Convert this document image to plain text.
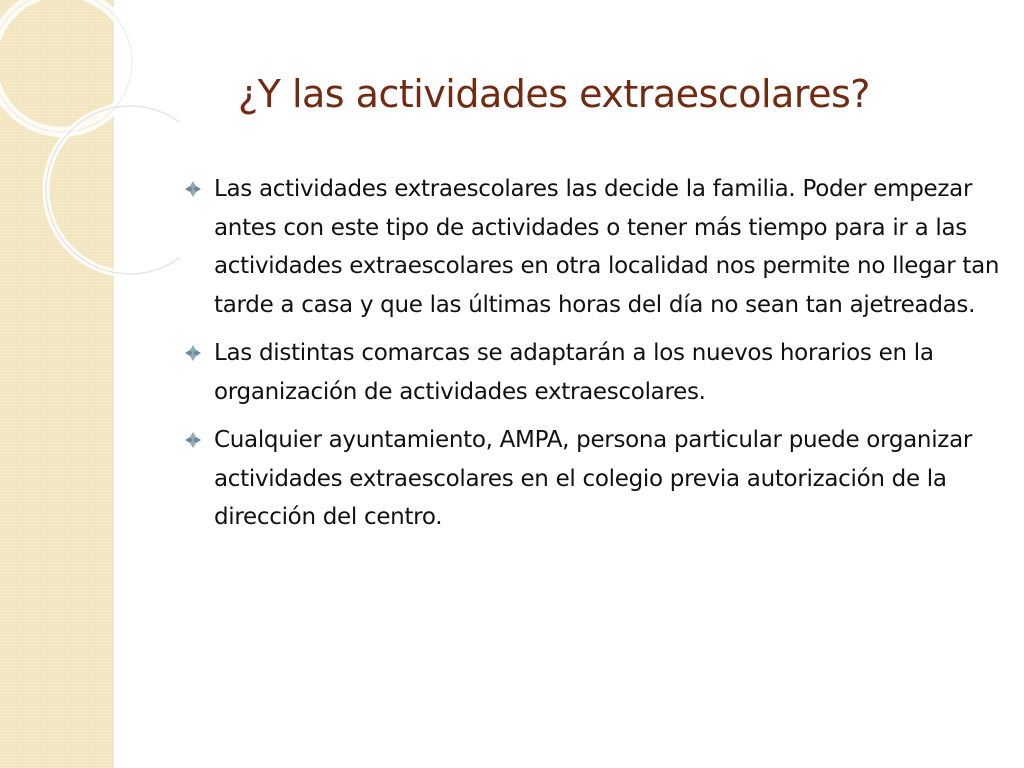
¿Y las actividades extraescolares?
Las actividades extraescolares las decide la familia. Poder empezar antes con este tipo de actividades o tener más tiempo para ir a las actividades extraescolares en otra localidad nos permite no llegar tan tarde a casa y que las últimas horas del día no sean tan ajetreadas.
Las distintas comarcas se adaptarán a los nuevos horarios en la organización de actividades extraescolares.
Cualquier ayuntamiento, AMPA, persona particular puede organizar actividades extraescolares en el colegio previa autorización de la dirección del centro.
